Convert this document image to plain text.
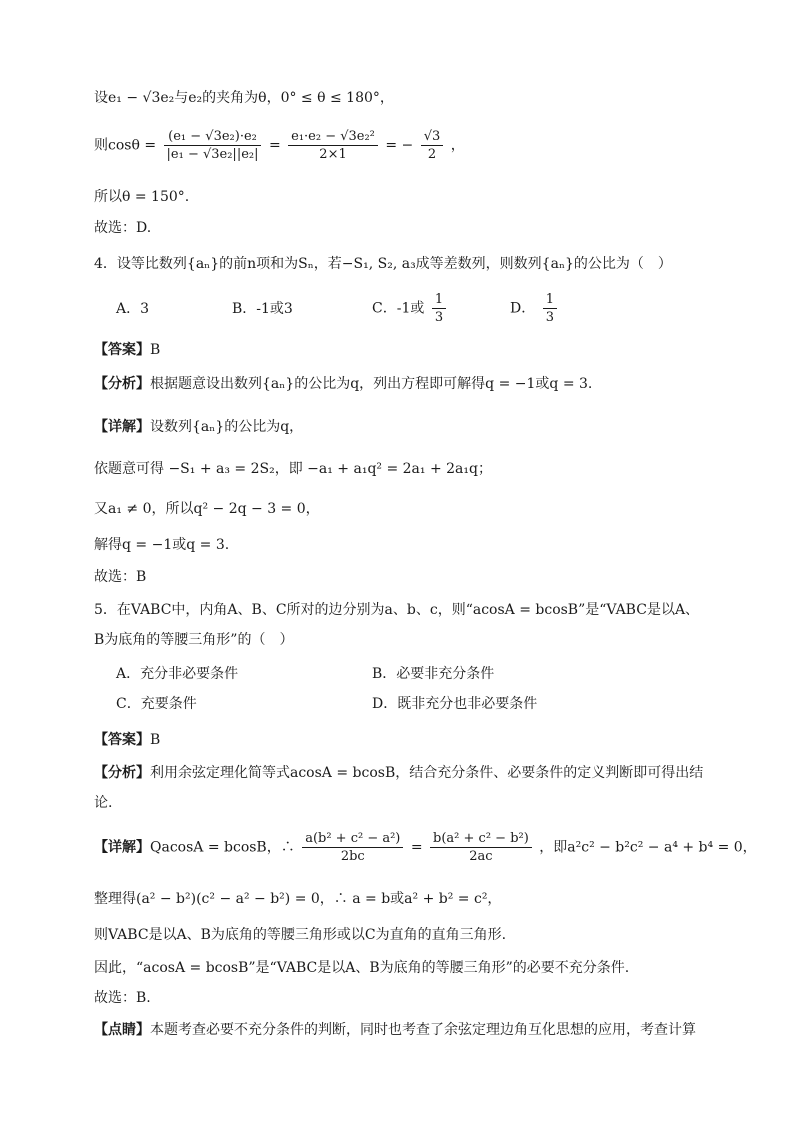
设e₁ − √3e₂与e₂的夹角为θ，0° ≤ θ ≤ 180°，
则$\cos\theta = \frac{\text{(e₁ − √3e₂)·e₂}}{\text{|e₁ − √3e₂||e₂|}} = \frac{\text{e₁·e₂ − √3e₂²}}{2\times 1}$ = − $\frac{√3}{2}$ ，
所以θ = 150°.
故选：D.
4．设等比数列{aₙ}的前n项和为Sₙ，若−S₁, S₂, a₃成等差数列，则数列{aₙ}的公比为（　）
A．3	B．-1或3	C．-1或 $\frac{1}{3}$	D． $\frac{1}{3}$
【答案】B
【分析】根据题意设出数列{aₙ}的公比为q，列出方程即可解得q = −1或q = 3.
【详解】设数列{aₙ}的公比为q，
依题意可得 −S₁ + a₃ = 2S₂，即 −a₁ + a₁q² = 2a₁ + 2a₁q；
又a₁ ≠ 0，所以q² − 2q − 3 = 0，
解得q = −1或q = 3.
故选：B
5．在VABC中，内角A、B、C所对的边分别为a、b、c，则“acosA = bcosB”是“VABC是以A、
B为底角的等腰三角形”的（　）
A．充分非必要条件	B．必要非充分条件
C．充要条件	D．既非充分也非必要条件
【答案】B
【分析】利用余弦定理化简等式acosA = bcosB，结合充分条件、必要条件的定义判断即可得出结
论.
【详解】QacosA = bcosB，∴ $\frac{\text{a(b² + c² − a²)}}{2bc} = \frac{\text{b(a² + c² − b²)}}{2ac}$ ，即a²c² − b²c² − a⁴ + b⁴ = 0，
整理得(a² − b²)(c² − a² − b²) = 0，∴ a = b或a² + b² = c²，
则VABC是以A、B为底角的等腰三角形或以C为直角的直角三角形.
因此，“acosA = bcosB”是“VABC是以A、B为底角的等腰三角形”的必要不充分条件.
故选：B.
【点睛】本题考查必要不充分条件的判断，同时也考查了余弦定理边角互化思想的应用，考查计算
